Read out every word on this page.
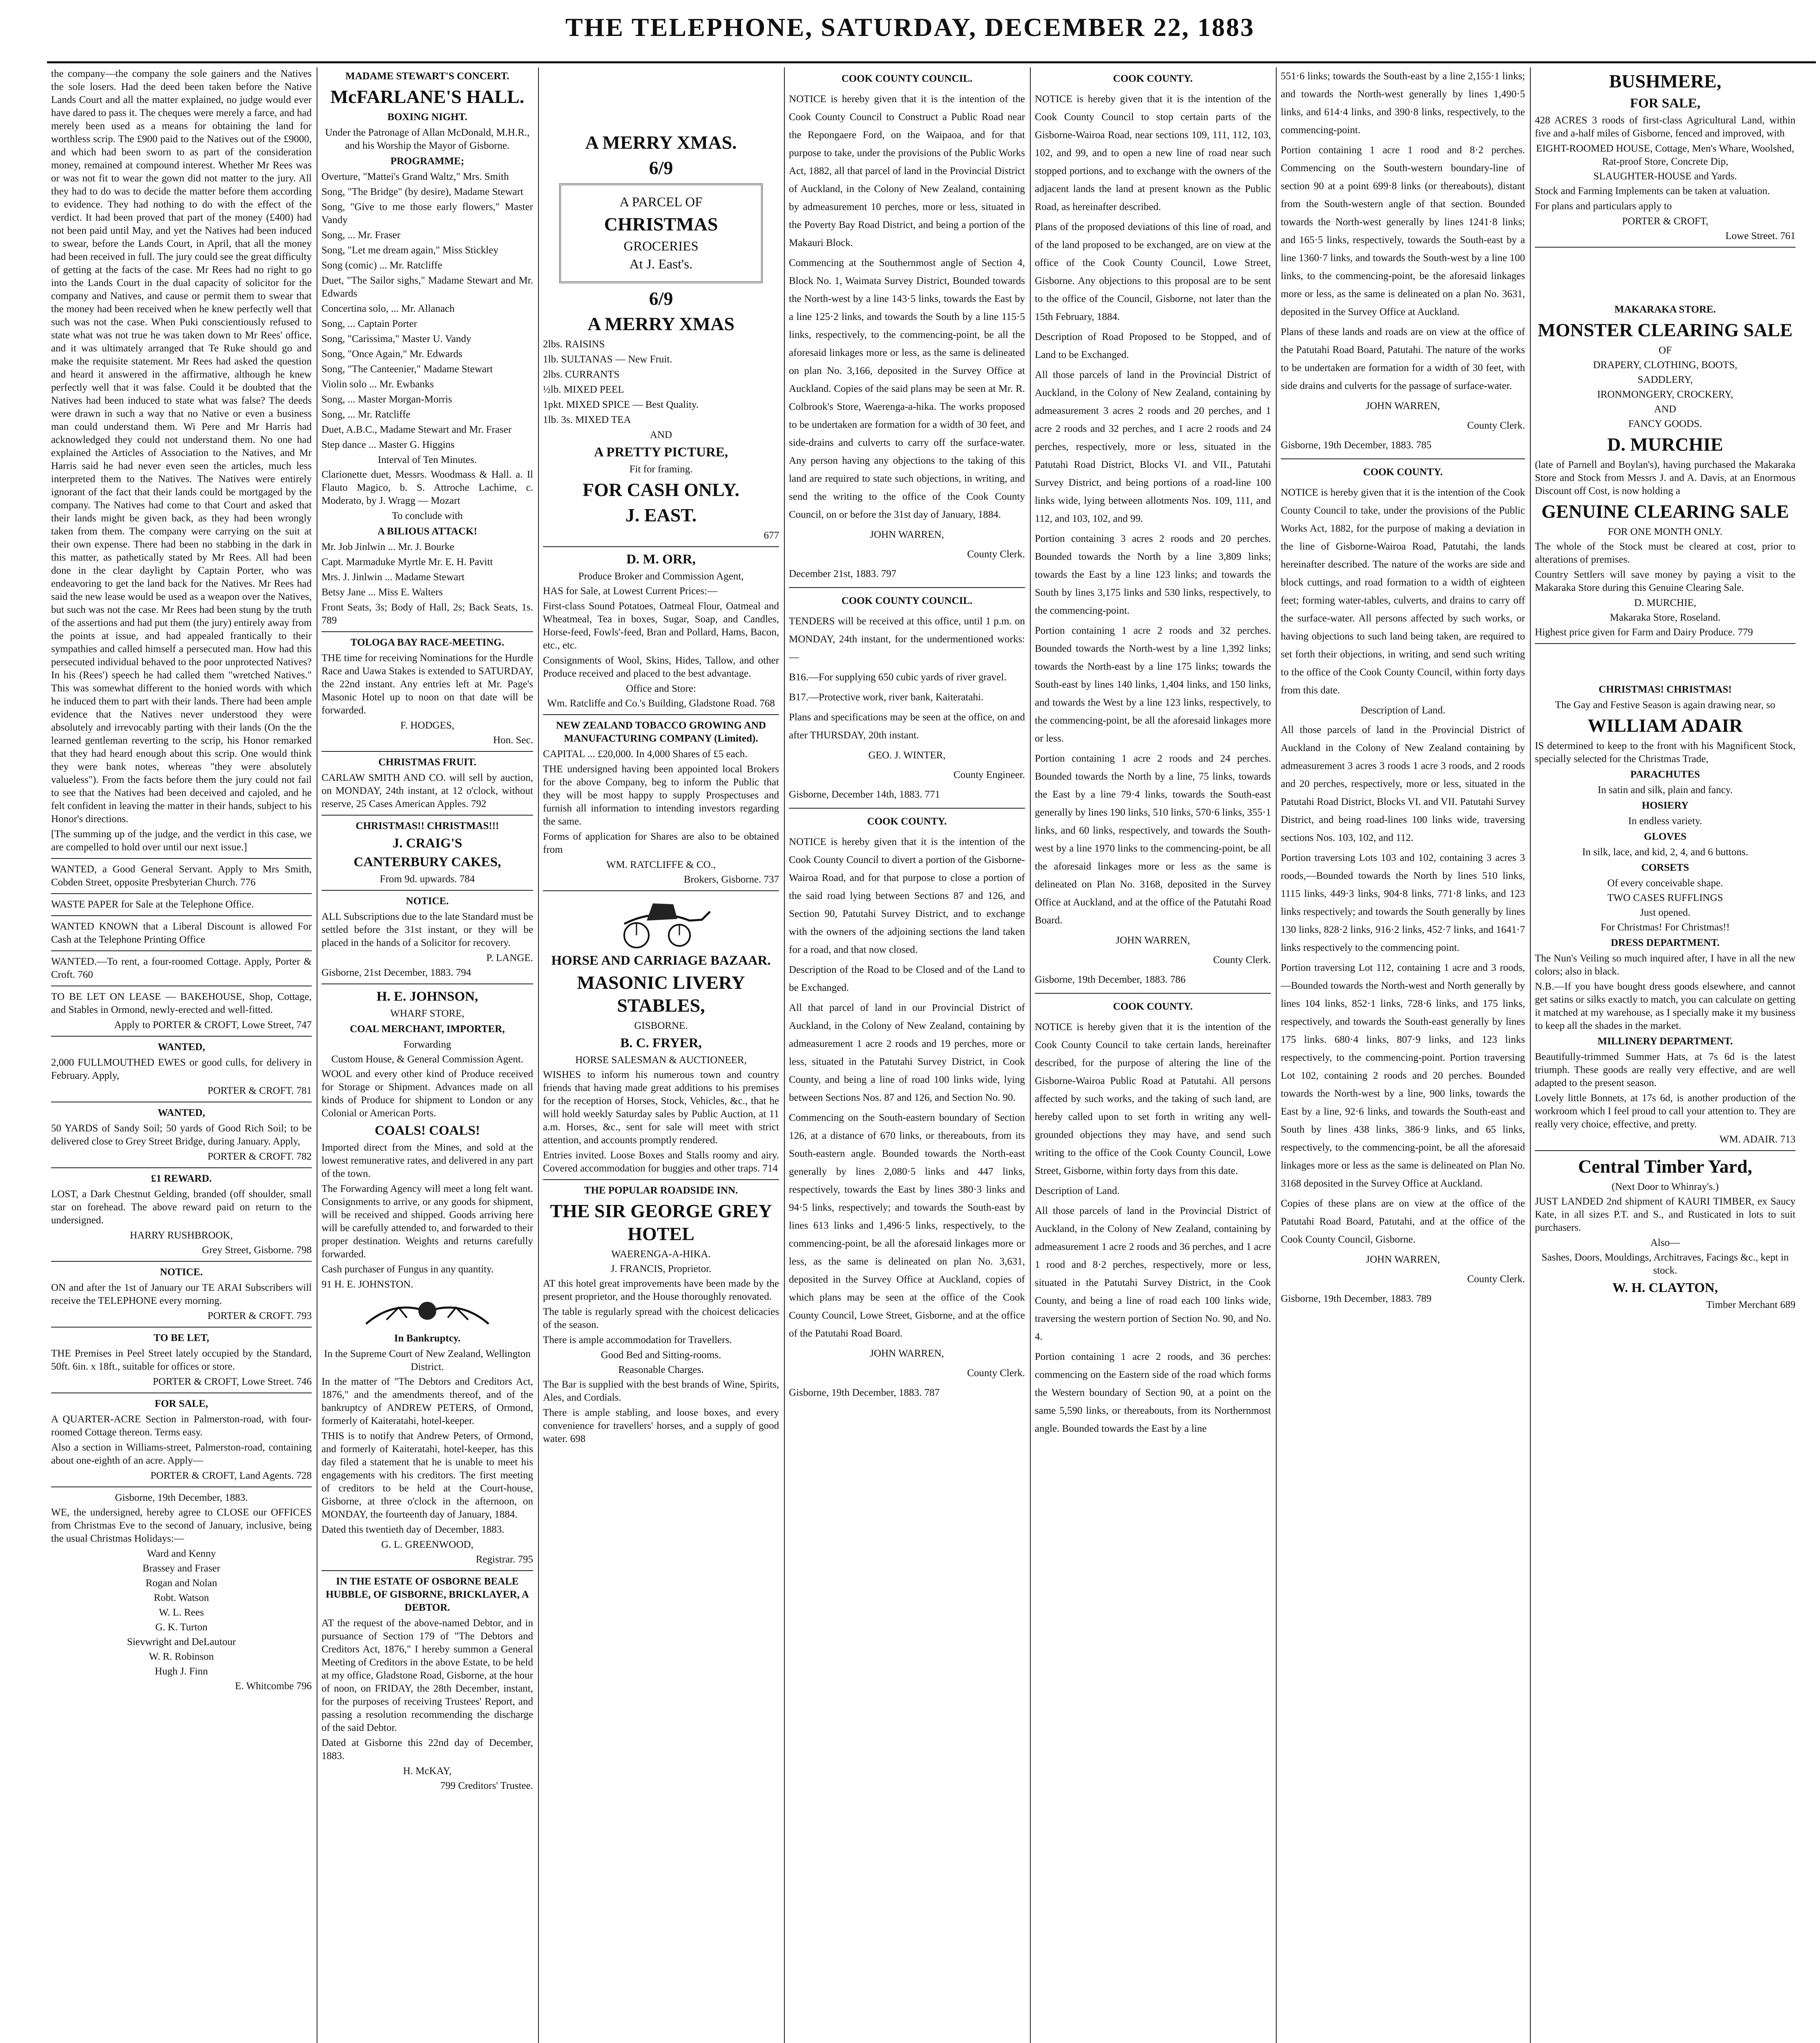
THE TELEPHONE, SATURDAY, DECEMBER 22, 1883
the company—the company the sole gainers and the Natives the sole losers. Had the deed been taken before the Native Lands Court and all the matter explained, no judge would ever have dared to pass it. The cheques were merely a farce, and had merely been used as a means for obtaining the land for worthless scrip. The £900 paid to the Natives out of the £9000, and which had been sworn to as part of the consideration money, remained at compound interest. Whether Mr Rees was or was not fit to wear the gown did not matter to the jury. All they had to do was to decide the matter before them according to evidence. They had nothing to do with the effect of the verdict. It had been proved that part of the money (£400) had not been paid until May, and yet the Natives had been induced to swear, before the Lands Court, in April, that all the money had been received in full. The jury could see the great difficulty of getting at the facts of the case. Mr Rees had no right to go into the Lands Court in the dual capacity of solicitor for the company and Natives, and cause or permit them to swear that the money had been received when he knew perfectly well that such was not the case. When Puki conscientiously refused to state what was not true he was taken down to Mr Rees' office, and it was ultimately arranged that Te Ruke should go and make the requisite statement. Mr Rees had asked the question and heard it answered in the affirmative, although he knew perfectly well that it was false. Could it be doubted that the Natives had been induced to state what was false? The deeds were drawn in such a way that no Native or even a business man could understand them. Wi Pere and Mr Harris had acknowledged they could not understand them. No one had explained the Articles of Association to the Natives, and Mr Harris said he had never even seen the articles, much less interpreted them to the Natives. The Natives were entirely ignorant of the fact that their lands could be mortgaged by the company. The Natives had come to that Court and asked that their lands might be given back, as they had been wrongly taken from them. The company were carrying on the suit at their own expense. There had been no stabbing in the dark in this matter, as pathetically stated by Mr Rees. All had been done in the clear daylight by Captain Porter, who was endeavoring to get the land back for the Natives. Mr Rees had said the new lease would be used as a weapon over the Natives, but such was not the case. Mr Rees had been stung by the truth of the assertions and had put them (the jury) entirely away from the points at issue, and had appealed frantically to their sympathies and called himself a persecuted man. How had this persecuted individual behaved to the poor unprotected Natives? In his (Rees') speech he had called them "wretched Natives." This was somewhat different to the honied words with which he induced them to part with their lands. There had been ample evidence that the Natives never understood they were absolutely and irrevocably parting with their lands (On the the learned gentleman reverting to the scrip, his Honor remarked that they had heard enough about this scrip. One would think they were bank notes, whereas "they were absolutely valueless"). From the facts before them the jury could not fail to see that the Natives had been deceived and cajoled, and he felt confident in leaving the matter in their hands, subject to his Honor's directions.
[The summing up of the judge, and the verdict in this case, we are compelled to hold over until our next issue.]
WANTED, a Good General Servant. Apply to Mrs Smith, Cobden Street, opposite Presbyterian Church. 776
WASTE PAPER for Sale at the Telephone Office.
WANTED KNOWN that a Liberal Discount is allowed For Cash at the Telephone Printing Office
WANTED.—To rent, a four-roomed Cottage. Apply, Porter & Croft. 760
TO BE LET ON LEASE — BAKEHOUSE, Shop, Cottage, and Stables in Ormond, newly-erected and well-fitted.
Apply to PORTER & CROFT, Lowe Street, 747
WANTED,
2,000 FULLMOUTHED EWES or good culls, for delivery in February. Apply,
PORTER & CROFT. 781
WANTED,
50 YARDS of Sandy Soil; 50 yards of Good Rich Soil; to be delivered close to Grey Street Bridge, during January. Apply,
PORTER & CROFT. 782
£1 REWARD.
LOST, a Dark Chestnut Gelding, branded (off shoulder, small star on forehead. The above reward paid on return to the undersigned.
HARRY RUSHBROOK,
Grey Street, Gisborne. 798
NOTICE.
ON and after the 1st of January our TE ARAI Subscribers will receive the TELEPHONE every morning.
PORTER & CROFT. 793
TO BE LET,
THE Premises in Peel Street lately occupied by the Standard, 50ft. 6in. x 18ft., suitable for offices or store.
PORTER & CROFT, Lowe Street. 746
FOR SALE,
A QUARTER-ACRE Section in Palmerston-road, with four-roomed Cottage thereon. Terms easy.
Also a section in Williams-street, Palmerston-road, containing about one-eighth of an acre. Apply—
PORTER & CROFT, Land Agents. 728
Gisborne, 19th December, 1883.
WE, the undersigned, hereby agree to CLOSE our OFFICES from Christmas Eve to the second of January, inclusive, being the usual Christmas Holidays:—
Ward and Kenny
Brassey and Fraser
Rogan and Nolan
Robt. Watson
W. L. Rees
G. K. Turton
Sievwright and DeLautour
W. R. Robinson
Hugh J. Finn
E. Whitcombe 796
MADAME STEWART'S CONCERT.
McFARLANE'S HALL.
BOXING NIGHT.
Under the Patronage of Allan McDonald, M.H.R., and his Worship the Mayor of Gisborne.
PROGRAMME;
Overture, "Mattei's Grand Waltz," Mrs. Smith
Song, "The Bridge" (by desire), Madame Stewart
Song, "Give to me those early flowers," Master Vandy
Song, ... Mr. Fraser
Song, "Let me dream again," Miss Stickley
Song (comic) ... Mr. Ratcliffe
Duet, "The Sailor sighs," Madame Stewart and Mr. Edwards
Concertina solo, ... Mr. Allanach
Song, ... Captain Porter
Song, "Carissima," Master U. Vandy
Song, "Once Again," Mr. Edwards
Song, "The Canteenier," Madame Stewart
Violin solo ... Mr. Ewbanks
Song, ... Master Morgan-Morris
Song, ... Mr. Ratcliffe
Duet, A.B.C., Madame Stewart and Mr. Fraser
Step dance ... Master G. Higgins
Interval of Ten Minutes.
Clarionette duet, Messrs. Woodmass & Hall. a. Il Flauto Magico, b. S. Attroche Lachime, c. Moderato, by J. Wragg — Mozart
To conclude with
A BILIOUS ATTACK!
Mr. Job Jinlwin ... Mr. J. Bourke
Capt. Marmaduke Myrtle Mr. E. H. Pavitt
Mrs. J. Jinlwin ... Madame Stewart
Betsy Jane ... Miss E. Walters
Front Seats, 3s; Body of Hall, 2s; Back Seats, 1s. 789
TOLOGA BAY RACE-MEETING.
THE time for receiving Nominations for the Hurdle Race and Uawa Stakes is extended to SATURDAY, the 22nd instant. Any entries left at Mr. Page's Masonic Hotel up to noon on that date will be forwarded.
F. HODGES,
Hon. Sec.
CHRISTMAS FRUIT.
CARLAW SMITH AND CO. will sell by auction, on MONDAY, 24th instant, at 12 o'clock, without reserve, 25 Cases American Apples. 792
CHRISTMAS!! CHRISTMAS!!!
J. CRAIG'S
CANTERBURY CAKES,
From 9d. upwards. 784
NOTICE.
ALL Subscriptions due to the late Standard must be settled before the 31st instant, or they will be placed in the hands of a Solicitor for recovery.
P. LANGE.
Gisborne, 21st December, 1883. 794
H. E. JOHNSON,
WHARF STORE,
COAL MERCHANT, IMPORTER,
Forwarding
Custom House, & General Commission Agent.
WOOL and every other kind of Produce received for Storage or Shipment. Advances made on all kinds of Produce for shipment to London or any Colonial or American Ports.
COALS! COALS!
Imported direct from the Mines, and sold at the lowest remunerative rates, and delivered in any part of the town.
The Forwarding Agency will meet a long felt want. Consignments to arrive, or any goods for shipment, will be received and shipped. Goods arriving here will be carefully attended to, and forwarded to their proper destination. Weights and returns carefully forwarded.
Cash purchaser of Fungus in any quantity.
91 H. E. JOHNSTON.
In Bankruptcy.
In the Supreme Court of New Zealand, Wellington District.
In the matter of "The Debtors and Creditors Act, 1876," and the amendments thereof, and of the bankruptcy of ANDREW PETERS, of Ormond, formerly of Kaiteratahi, hotel-keeper.
THIS is to notify that Andrew Peters, of Ormond, and formerly of Kaiteratahi, hotel-keeper, has this day filed a statement that he is unable to meet his engagements with his creditors. The first meeting of creditors to be held at the Court-house, Gisborne, at three o'clock in the afternoon, on MONDAY, the fourteenth day of January, 1884.
Dated this twentieth day of December, 1883.
G. L. GREENWOOD,
Registrar. 795
IN THE ESTATE OF OSBORNE BEALE HUBBLE, OF GISBORNE, BRICKLAYER, A DEBTOR.
AT the request of the above-named Debtor, and in pursuance of Section 179 of "The Debtors and Creditors Act, 1876," I hereby summon a General Meeting of Creditors in the above Estate, to be held at my office, Gladstone Road, Gisborne, at the hour of noon, on FRIDAY, the 28th December, instant, for the purposes of receiving Trustees' Report, and passing a resolution recommending the discharge of the said Debtor.
Dated at Gisborne this 22nd day of December, 1883.
H. McKAY,
799 Creditors' Trustee.
A MERRY XMAS.
6/9
A PARCEL OF
CHRISTMAS
GROCERIES
At J. East's.
6/9
A MERRY XMAS
2lbs. RAISINS
1lb. SULTANAS — New Fruit.
2lbs. CURRANTS
½lb. MIXED PEEL
1pkt. MIXED SPICE — Best Quality.
1lb. 3s. MIXED TEA
AND
A PRETTY PICTURE,
Fit for framing.
FOR CASH ONLY.
J. EAST.
677
D. M. ORR,
Produce Broker and Commission Agent,
HAS for Sale, at Lowest Current Prices:—
First-class Sound Potatoes, Oatmeal Flour, Oatmeal and Wheatmeal, Tea in boxes, Sugar, Soap, and Candles, Horse-feed, Fowls'-feed, Bran and Pollard, Hams, Bacon, etc., etc.
Consignments of Wool, Skins, Hides, Tallow, and other Produce received and placed to the best advantage.
Office and Store:
Wm. Ratcliffe and Co.'s Building, Gladstone Road. 768
NEW ZEALAND TOBACCO GROWING AND MANUFACTURING COMPANY (Limited).
CAPITAL ... £20,000. In 4,000 Shares of £5 each.
THE undersigned having been appointed local Brokers for the above Company, beg to inform the Public that they will be most happy to supply Prospectuses and furnish all information to intending investors regarding the same.
Forms of application for Shares are also to be obtained from
WM. RATCLIFFE & CO.,
Brokers, Gisborne. 737
HORSE AND CARRIAGE BAZAAR.
MASONIC LIVERY STABLES,
GISBORNE.
B. C. FRYER,
HORSE SALESMAN & AUCTIONEER,
WISHES to inform his numerous town and country friends that having made great additions to his premises for the reception of Horses, Stock, Vehicles, &c., that he will hold weekly Saturday sales by Public Auction, at 11 a.m. Horses, &c., sent for sale will meet with strict attention, and accounts promptly rendered.
Entries invited. Loose Boxes and Stalls roomy and airy. Covered accommodation for buggies and other traps. 714
THE POPULAR ROADSIDE INN.
THE SIR GEORGE GREY HOTEL
WAERENGA-A-HIKA.
J. FRANCIS, Proprietor.
AT this hotel great improvements have been made by the present proprietor, and the House thoroughly renovated.
The table is regularly spread with the choicest delicacies of the season.
There is ample accommodation for Travellers.
Good Bed and Sitting-rooms.
Reasonable Charges.
The Bar is supplied with the best brands of Wine, Spirits, Ales, and Cordials.
There is ample stabling, and loose boxes, and every convenience for travellers' horses, and a supply of good water. 698
COOK COUNTY COUNCIL.
NOTICE is hereby given that it is the intention of the Cook County Council to Construct a Public Road near the Repongaere Ford, on the Waipaoa, and for that purpose to take, under the provisions of the Public Works Act, 1882, all that parcel of land in the Provincial District of Auckland, in the Colony of New Zealand, containing by admeasurement 10 perches, more or less, situated in the Poverty Bay Road District, and being a portion of the Makauri Block.
Commencing at the Southernmost angle of Section 4, Block No. 1, Waimata Survey District, Bounded towards the North-west by a line 143·5 links, towards the East by a line 125·2 links, and towards the South by a line 115·5 links, respectively, to the commencing-point, be all the aforesaid linkages more or less, as the same is delineated on plan No. 3,166, deposited in the Survey Office at Auckland. Copies of the said plans may be seen at Mr. R. Colbrook's Store, Waerenga-a-hika. The works proposed to be undertaken are formation for a width of 30 feet, and side-drains and culverts to carry off the surface-water. Any person having any objections to the taking of this land are required to state such objections, in writing, and send the writing to the office of the Cook County Council, on or before the 31st day of January, 1884.
JOHN WARREN,
County Clerk.
December 21st, 1883. 797
COOK COUNTY COUNCIL.
TENDERS will be received at this office, until 1 p.m. on MONDAY, 24th instant, for the undermentioned works:—
B16.—For supplying 650 cubic yards of river gravel.
B17.—Protective work, river bank, Kaiteratahi.
Plans and specifications may be seen at the office, on and after THURSDAY, 20th instant.
GEO. J. WINTER,
County Engineer.
Gisborne, December 14th, 1883. 771
COOK COUNTY.
NOTICE is hereby given that it is the intention of the Cook County Council to divert a portion of the Gisborne-Wairoa Road, and for that purpose to close a portion of the said road lying between Sections 87 and 126, and Section 90, Patutahi Survey District, and to exchange with the owners of the adjoining sections the land taken for a road, and that now closed.
Description of the Road to be Closed and of the Land to be Exchanged.
All that parcel of land in our Provincial District of Auckland, in the Colony of New Zealand, containing by admeasurement 1 acre 2 roods and 19 perches, more or less, situated in the Patutahi Survey District, in Cook County, and being a line of road 100 links wide, lying between Sections Nos. 87 and 126, and Section No. 90.
Commencing on the South-eastern boundary of Section 126, at a distance of 670 links, or thereabouts, from its South-eastern angle. Bounded towards the North-east generally by lines 2,080·5 links and 447 links, respectively, towards the East by lines 380·3 links and 94·5 links, respectively; and towards the South-east by lines 613 links and 1,496·5 links, respectively, to the commencing-point, be all the aforesaid linkages more or less, as the same is delineated on plan No. 3,631, deposited in the Survey Office at Auckland, copies of which plans may be seen at the office of the Cook County Council, Lowe Street, Gisborne, and at the office of the Patutahi Road Board.
JOHN WARREN,
County Clerk.
Gisborne, 19th December, 1883. 787
COOK COUNTY.
NOTICE is hereby given that it is the intention of the Cook County Council to stop certain parts of the Gisborne-Wairoa Road, near sections 109, 111, 112, 103, 102, and 99, and to open a new line of road near such stopped portions, and to exchange with the owners of the adjacent lands the land at present known as the Public Road, as hereinafter described.
Plans of the proposed deviations of this line of road, and of the land proposed to be exchanged, are on view at the office of the Cook County Council, Lowe Street, Gisborne. Any objections to this proposal are to be sent to the office of the Council, Gisborne, not later than the 15th February, 1884.
Description of Road Proposed to be Stopped, and of Land to be Exchanged.
All those parcels of land in the Provincial District of Auckland, in the Colony of New Zealand, containing by admeasurement 3 acres 2 roods and 20 perches, and 1 acre 2 roods and 32 perches, and 1 acre 2 roods and 24 perches, respectively, more or less, situated in the Patutahi Road District, Blocks VI. and VII., Patutahi Survey District, and being portions of a road-line 100 links wide, lying between allotments Nos. 109, 111, and 112, and 103, 102, and 99.
Portion containing 3 acres 2 roods and 20 perches. Bounded towards the North by a line 3,809 links; towards the East by a line 123 links; and towards the South by lines 3,175 links and 530 links, respectively, to the commencing-point.
Portion containing 1 acre 2 roods and 32 perches. Bounded towards the North-west by a line 1,392 links; towards the North-east by a line 175 links; towards the South-east by lines 140 links, 1,404 links, and 150 links, and towards the West by a line 123 links, respectively, to the commencing-point, be all the aforesaid linkages more or less.
Portion containing 1 acre 2 roods and 24 perches. Bounded towards the North by a line, 75 links, towards the East by a line 79·4 links, towards the South-east generally by lines 190 links, 510 links, 570·6 links, 355·1 links, and 60 links, respectively, and towards the South-west by a line 1970 links to the commencing-point, be all the aforesaid linkages more or less as the same is delineated on Plan No. 3168, deposited in the Survey Office at Auckland, and at the office of the Patutahi Road Board.
JOHN WARREN,
County Clerk.
Gisborne, 19th December, 1883. 786
COOK COUNTY.
NOTICE is hereby given that it is the intention of the Cook County Council to take certain lands, hereinafter described, for the purpose of altering the line of the Gisborne-Wairoa Public Road at Patutahi. All persons affected by such works, and the taking of such land, are hereby called upon to set forth in writing any well-grounded objections they may have, and send such writing to the office of the Cook County Council, Lowe Street, Gisborne, within forty days from this date.
Description of Land.
All those parcels of land in the Provincial District of Auckland, in the Colony of New Zealand, containing by admeasurement 1 acre 2 roods and 36 perches, and 1 acre 1 rood and 8·2 perches, respectively, more or less, situated in the Patutahi Survey District, in the Cook County, and being a line of road each 100 links wide, traversing the western portion of Section No. 90, and No. 4.
Portion containing 1 acre 2 roods, and 36 perches: commencing on the Eastern side of the road which forms the Western boundary of Section 90, at a point on the same 5,590 links, or thereabouts, from its Northernmost angle. Bounded towards the East by a line
551·6 links; towards the South-east by a line 2,155·1 links; and towards the North-west generally by lines 1,490·5 links, and 614·4 links, and 390·8 links, respectively, to the commencing-point.
Portion containing 1 acre 1 rood and 8·2 perches. Commencing on the South-western boundary-line of section 90 at a point 699·8 links (or thereabouts), distant from the South-western angle of that section. Bounded towards the North-west generally by lines 1241·8 links; and 165·5 links, respectively, towards the South-east by a line 1360·7 links, and towards the South-west by a line 100 links, to the commencing-point, be the aforesaid linkages more or less, as the same is delineated on a plan No. 3631, deposited in the Survey Office at Auckland.
Plans of these lands and roads are on view at the office of the Patutahi Road Board, Patutahi. The nature of the works to be undertaken are formation for a width of 30 feet, with side drains and culverts for the passage of surface-water.
JOHN WARREN,
County Clerk.
Gisborne, 19th December, 1883. 785
COOK COUNTY.
NOTICE is hereby given that it is the intention of the Cook County Council to take, under the provisions of the Public Works Act, 1882, for the purpose of making a deviation in the line of Gisborne-Wairoa Road, Patutahi, the lands hereinafter described. The nature of the works are side and block cuttings, and road formation to a width of eighteen feet; forming water-tables, culverts, and drains to carry off the surface-water. All persons affected by such works, or having objections to such land being taken, are required to set forth their objections, in writing, and send such writing to the office of the Cook County Council, within forty days from this date.
Description of Land.
All those parcels of land in the Provincial District of Auckland in the Colony of New Zealand containing by admeasurement 3 acres 3 roods 1 acre 3 roods, and 2 roods and 20 perches, respectively, more or less, situated in the Patutahi Road District, Blocks VI. and VII. Patutahi Survey District, and being road-lines 100 links wide, traversing sections Nos. 103, 102, and 112.
Portion traversing Lots 103 and 102, containing 3 acres 3 roods,—Bounded towards the North by lines 510 links, 1115 links, 449·3 links, 904·8 links, 771·8 links, and 123 links respectively; and towards the South generally by lines 130 links, 828·2 links, 916·2 links, 452·7 links, and 1641·7 links respectively to the commencing point.
Portion traversing Lot 112, containing 1 acre and 3 roods,—Bounded towards the North-west and North generally by lines 104 links, 852·1 links, 728·6 links, and 175 links, respectively, and towards the South-east generally by lines 175 links. 680·4 links, 807·9 links, and 123 links respectively, to the commencing-point. Portion traversing Lot 102, containing 2 roods and 20 perches. Bounded towards the North-west by a line, 900 links, towards the East by a line, 92·6 links, and towards the South-east and South by lines 438 links, 386·9 links, and 65 links, respectively, to the commencing-point, be all the aforesaid linkages more or less as the same is delineated on Plan No. 3168 deposited in the Survey Office at Auckland.
Copies of these plans are on view at the office of the Patutahi Road Board, Patutahi, and at the office of the Cook County Council, Gisborne.
JOHN WARREN,
County Clerk.
Gisborne, 19th December, 1883. 789
BUSHMERE,
FOR SALE,
428 ACRES 3 roods of first-class Agricultural Land, within five and a-half miles of Gisborne, fenced and improved, with
EIGHT-ROOMED HOUSE, Cottage, Men's Whare, Woolshed, Rat-proof Store, Concrete Dip,
SLAUGHTER-HOUSE and Yards.
Stock and Farming Implements can be taken at valuation.
For plans and particulars apply to
PORTER & CROFT,
Lowe Street. 761
MAKARAKA STORE.
MONSTER CLEARING SALE
OF
DRAPERY, CLOTHING, BOOTS,
SADDLERY,
IRONMONGERY, CROCKERY,
AND
FANCY GOODS.
D. MURCHIE
(late of Parnell and Boylan's), having purchased the Makaraka Store and Stock from Messrs J. and A. Davis, at an Enormous Discount off Cost, is now holding a
GENUINE CLEARING SALE
FOR ONE MONTH ONLY.
The whole of the Stock must be cleared at cost, prior to alterations of premises.
Country Settlers will save money by paying a visit to the Makaraka Store during this Genuine Clearing Sale.
D. MURCHIE,
Makaraka Store, Roseland.
Highest price given for Farm and Dairy Produce. 779
CHRISTMAS! CHRISTMAS!
The Gay and Festive Season is again drawing near, so
WILLIAM ADAIR
IS determined to keep to the front with his Magnificent Stock, specially selected for the Christmas Trade,
PARACHUTES
In satin and silk, plain and fancy.
HOSIERY
In endless variety.
GLOVES
In silk, lace, and kid, 2, 4, and 6 buttons.
CORSETS
Of every conceivable shape.
TWO CASES RUFFLINGS
Just opened.
For Christmas! For Christmas!!
DRESS DEPARTMENT.
The Nun's Veiling so much inquired after, I have in all the new colors; also in black.
N.B.—If you have bought dress goods elsewhere, and cannot get satins or silks exactly to match, you can calculate on getting it matched at my warehouse, as I specially make it my business to keep all the shades in the market.
MILLINERY DEPARTMENT.
Beautifully-trimmed Summer Hats, at 7s 6d is the latest triumph. These goods are really very effective, and are well adapted to the present season.
Lovely little Bonnets, at 17s 6d, is another production of the workroom which I feel proud to call your attention to. They are really very choice, effective, and pretty.
WM. ADAIR. 713
Central Timber Yard,
(Next Door to Whinray's.)
JUST LANDED 2nd shipment of KAURI TIMBER, ex Saucy Kate, in all sizes P.T. and S., and Rusticated in lots to suit purchasers.
Also—
Sashes, Doors, Mouldings, Architraves, Facings &c., kept in stock.
W. H. CLAYTON,
Timber Merchant 689
